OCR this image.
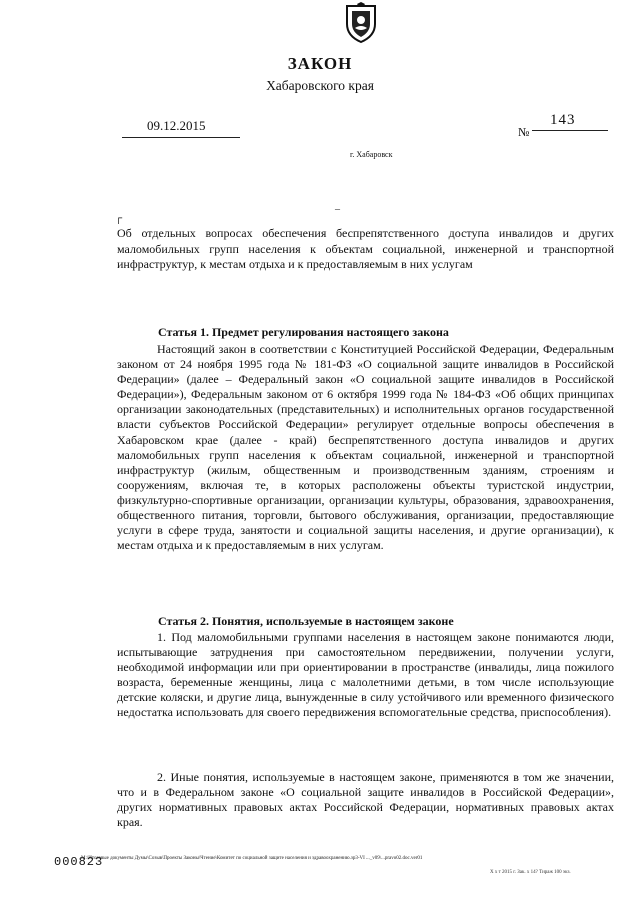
ЗАКОН
Хабаровского края
09.12.2015	№
143
г. Хабаровск
┌	¯

Об отдельных вопросах обеспечения беспрепятственного доступа инвалидов и других маломобильных групп населения к объектам социальной, инженерной и транспортной инфраструктур, к местам отдыха и к предоставляемым в них услугам

Статья 1. Предмет регулирования настоящего закона

Настоящий закон в соответствии с Конституцией Российской Федерации, Федеральным законом от 24 ноября 1995 года № 181-ФЗ «О социальной защите инвалидов в Российской Федерации» (далее – Федеральный закон «О социальной защите инвалидов в Российской Федерации»), Федеральным законом от 6 октября 1999 года № 184-ФЗ «Об общих принципах организации законодательных (представительных) и исполнительных органов государственной власти субъектов Российской Федерации» регулирует отдельные вопросы обеспечения в Хабаровском крае (далее - край) беспрепятственного доступа инвалидов и других маломобильных групп населения к объектам социальной, инженерной и транспортной инфраструктур (жилым, общественным и производственным зданиям, строениям и сооружениям, включая те, в которых расположены объекты туристской индустрии, физкультурно-спортивные организации, организации культуры, образования, здравоохранения, общественного питания, торговли, бытового обслуживания, организации, предоставляющие услуги в сфере труда, занятости и социальной защиты населения, и другие организации), к местам отдыха и к предоставляемым в них услугам.

Статья 2. Понятия, используемые в настоящем законе

1. Под маломобильными группами населения в настоящем законе понимаются люди, испытывающие затруднения при самостоятельном передвижении, получении услуги, необходимой информации или при ориентировании в пространстве (инвалиды, лица пожилого возраста, беременные женщины, лица с малолетними детьми, в том числе использующие детские коляски, и другие лица, вынужденные в силу устойчивого или временного физического недостатка использовать для своего передвижения вспомогательные средства, приспособления).

2. Иные понятия, используемые в настоящем законе, применяются в том же значении, что и в Федеральном законе «О социальной защите инвалидов в Российской Федерации», других нормативных правовых актах Российской Федерации, нормативных правовых актах края.

000823
М:\Итоговые документы Думы\Созыв\Проекты Законы\Чтение\Комитет по социальной защите населения и здравоохранению.зр3-VI ..._v09\...pravo02.doc.ver01
Х х т 2015 г. Зак. х 14? Тираж 100 экз.
